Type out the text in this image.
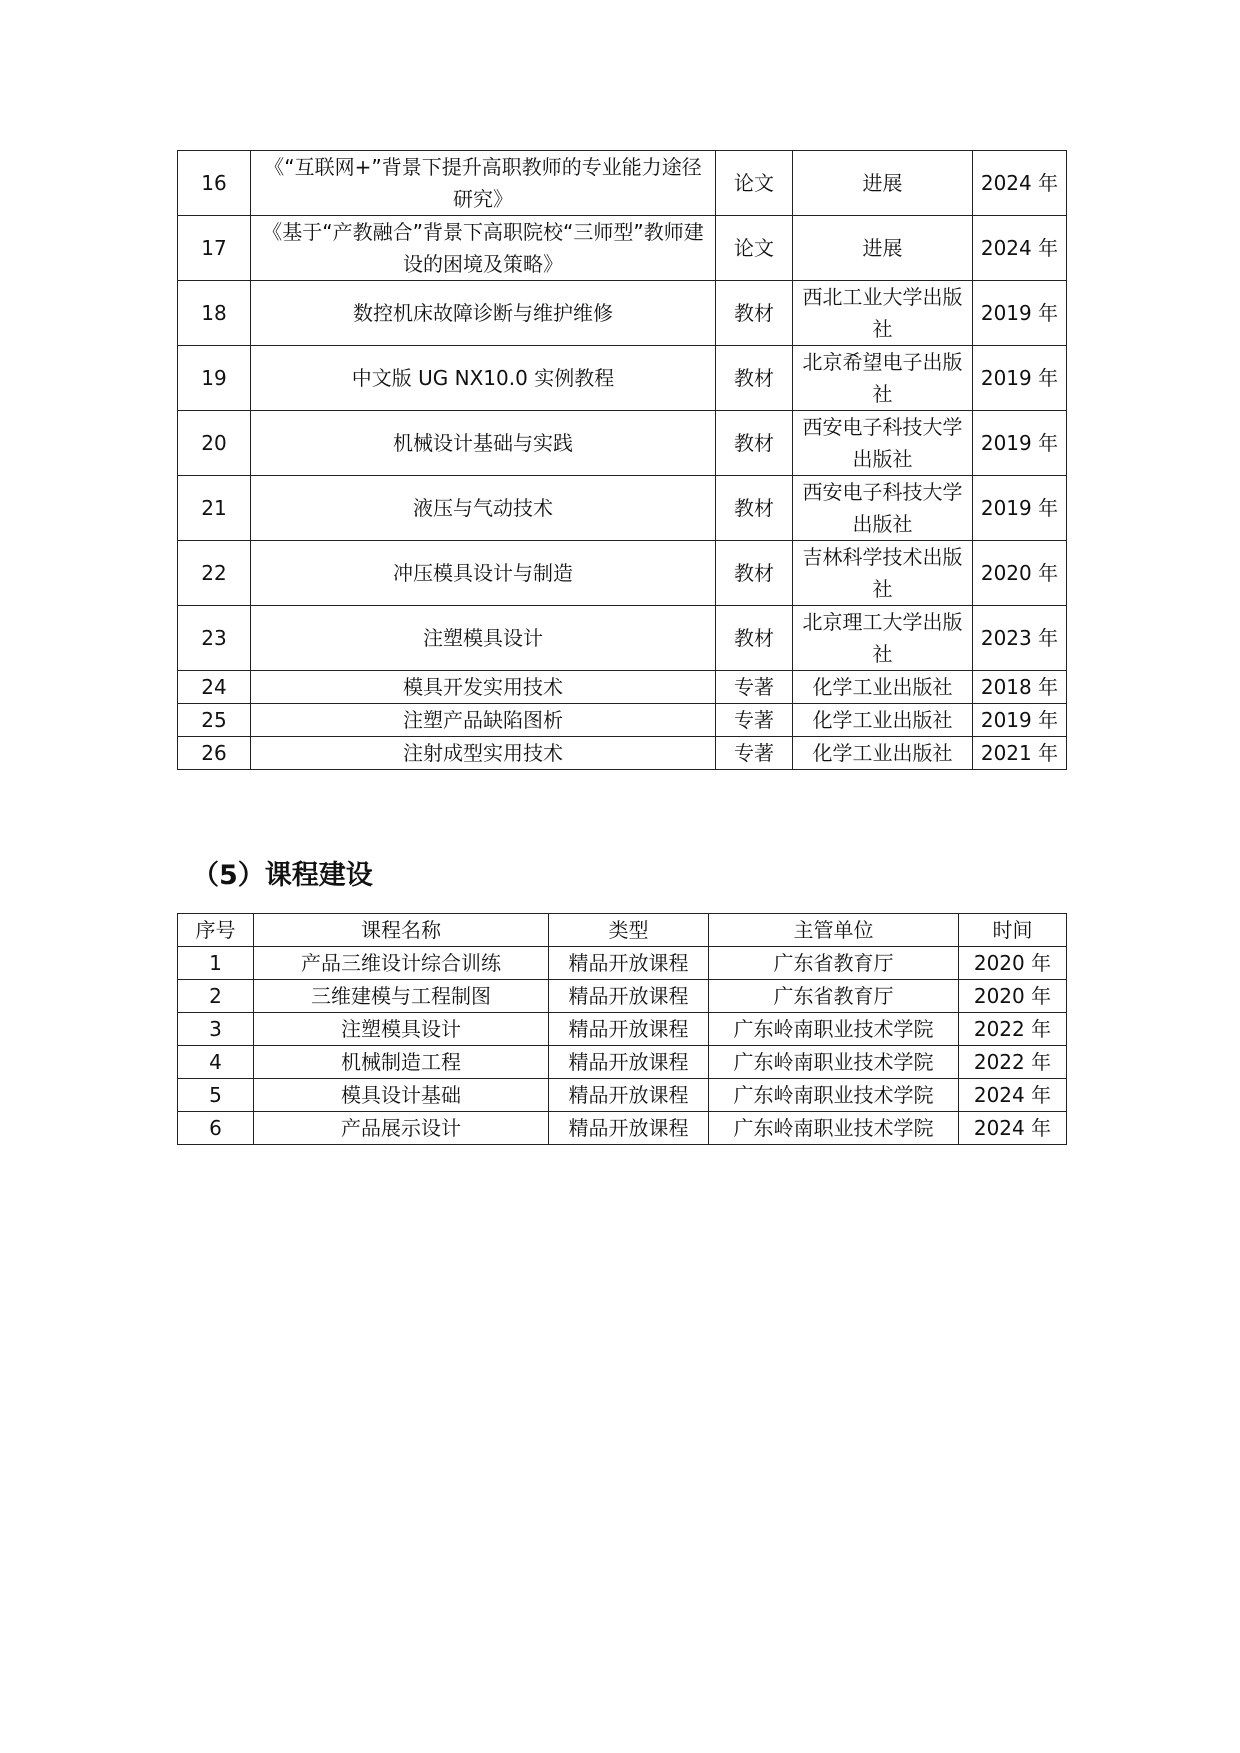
16	《“互联网+”背景下提升高职教师的专业能力途径研究》	论文	进展	2024 年
17	《基于“产教融合”背景下高职院校“三师型”教师建设的困境及策略》	论文	进展	2024 年
18	数控机床故障诊断与维护维修	教材	西北工业大学出版社	2019 年
19	中文版 UG NX10.0 实例教程	教材	北京希望电子出版社	2019 年
20	机械设计基础与实践	教材	西安电子科技大学出版社	2019 年
21	液压与气动技术	教材	西安电子科技大学出版社	2019 年
22	冲压模具设计与制造	教材	吉林科学技术出版社	2020 年
23	注塑模具设计	教材	北京理工大学出版社	2023 年
24	模具开发实用技术	专著	化学工业出版社	2018 年
25	注塑产品缺陷图析	专著	化学工业出版社	2019 年
26	注射成型实用技术	专著	化学工业出版社	2021 年
（5）课程建设
序号	课程名称	类型	主管单位	时间
1	产品三维设计综合训练	精品开放课程	广东省教育厅	2020 年
2	三维建模与工程制图	精品开放课程	广东省教育厅	2020 年
3	注塑模具设计	精品开放课程	广东岭南职业技术学院	2022 年
4	机械制造工程	精品开放课程	广东岭南职业技术学院	2022 年
5	模具设计基础	精品开放课程	广东岭南职业技术学院	2024 年
6	产品展示设计	精品开放课程	广东岭南职业技术学院	2024 年
